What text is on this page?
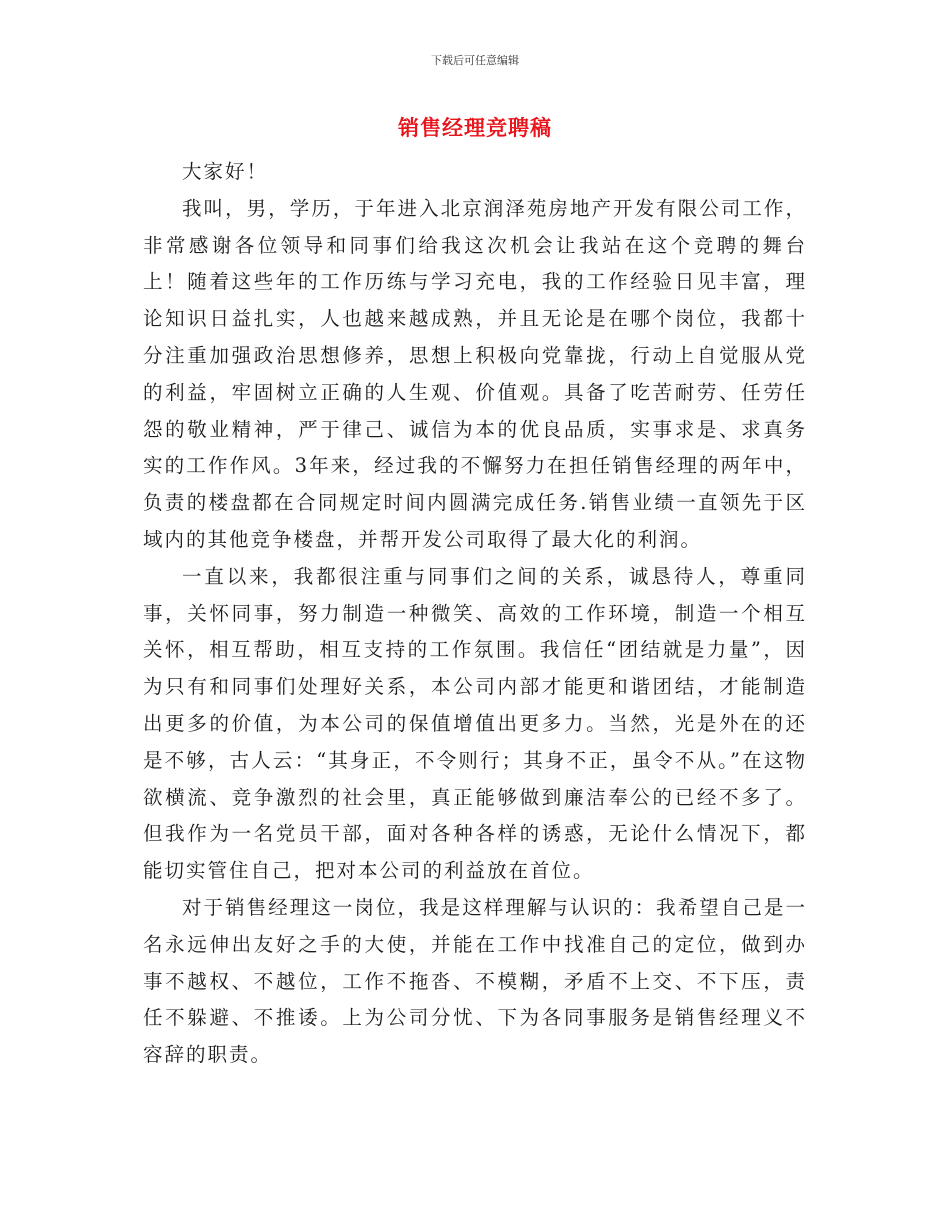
下载后可任意编辑
销售经理竞聘稿

大家好！

我叫，男，学历，于年进入北京润泽苑房地产开发有限公司工作，非常感谢各位领导和同事们给我这次机会让我站在这个竞聘的舞台上！随着这些年的工作历练与学习充电，我的工作经验日见丰富，理论知识日益扎实，人也越来越成熟，并且无论是在哪个岗位，我都十分注重加强政治思想修养，思想上积极向党靠拢，行动上自觉服从党的利益，牢固树立正确的人生观、价值观。具备了吃苦耐劳、任劳任怨的敬业精神，严于律己、诚信为本的优良品质，实事求是、求真务实的工作作风。3年来，经过我的不懈努力在担任销售经理的两年中，负责的楼盘都在合同规定时间内圆满完成任务.销售业绩一直领先于区域内的其他竞争楼盘，并帮开发公司取得了最大化的利润。

一直以来，我都很注重与同事们之间的关系，诚恳待人，尊重同事，关怀同事，努力制造一种微笑、高效的工作环境，制造一个相互关怀，相互帮助，相互支持的工作氛围。我信任“团结就是力量”，因为只有和同事们处理好关系，本公司内部才能更和谐团结，才能制造出更多的价值，为本公司的保值增值出更多力。当然，光是外在的还是不够，古人云：“其身正，不令则行；其身不正，虽令不从。”在这物欲横流、竞争激烈的社会里，真正能够做到廉洁奉公的已经不多了。但我作为一名党员干部，面对各种各样的诱惑，无论什么情况下，都能切实管住自己，把对本公司的利益放在首位。

对于销售经理这一岗位，我是这样理解与认识的：我希望自己是一名永远伸出友好之手的大使，并能在工作中找准自己的定位，做到办事不越权、不越位，工作不拖沓、不模糊，矛盾不上交、不下压，责任不躲避、不推诿。上为公司分忧、下为各同事服务是销售经理义不容辞的职责。
